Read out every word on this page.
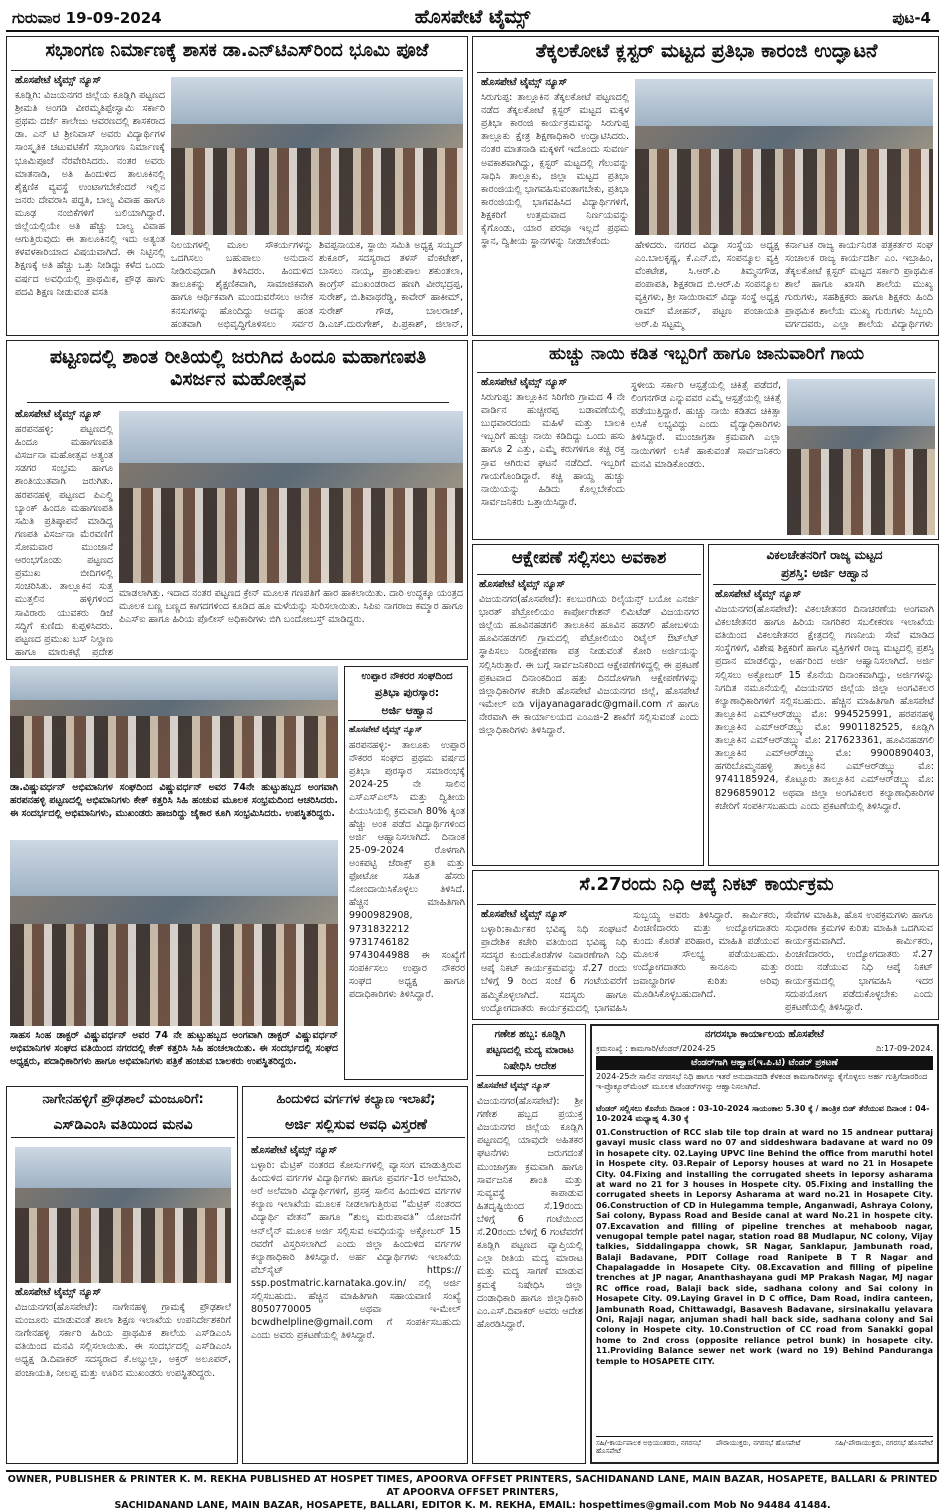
ಗುರುವಾರ 19-09-2024	ಹೊಸಪೇಟೆ ಟೈಮ್ಸ್	ಪುಟ-4
ಸಭಾಂಗಣ ನಿರ್ಮಾಣಕ್ಕೆ ಶಾಸಕ ಡಾ.ಎನ್‌ಟಿಎಸ್‌ರಿಂದ ಭೂಮಿ ಪೂಜೆ
ಹೊಸಪೇಟೆ ಟೈಮ್ಸ್ ನ್ಯೂಸ್
ಕೂಡ್ಲಿಗಿ: ವಿಜಯನಗರ ಜಿಲ್ಲೆಯ ಕೂಡ್ಲಿಗಿ ಪಟ್ಟಣದ ಶ್ರೀಮತಿ ಅಂಗಡಿ ವೀರಮ್ಮತಿಪ್ಪೇಸ್ವಾಮಿ ಸರ್ಕಾರಿ ಪ್ರಥಮ ದರ್ಜೆ ಕಾಲೇಜು ಆವರಣದಲ್ಲಿ ಶಾಸಕರಾದ ಡಾ. ಎನ್ ಟಿ ಶ್ರೀನಿವಾಸ್ ಅವರು ವಿದ್ಯಾರ್ಥಿಗಳ ಸಾಂಸ್ಕೃತಿಕ ಚಟುವಟಿಕೆಗೆ ಸಭಾಂಗಣ ನಿರ್ಮಾಣಕ್ಕೆ ಭೂಮಿಪೂಜೆ ನೆರವೇರಿಸಿದರು. ನಂತರ ಅವರು ಮಾತನಾಡಿ, ಅತಿ ಹಿಂದುಳಿದ ತಾಲೂಕಿನಲ್ಲಿ ಶೈಕ್ಷಣಿಕ ವ್ಯವಸ್ಥೆ ಉಂಟಾಗಬೇಕೆಂದರೆ ಇಲ್ಲಿನ ಜನರು ದೇವರಾಸಿ ಪದ್ಧತಿ, ಬಾಲ್ಯ ವಿವಾಹ ಹಾಗೂ ಮೂಢ ನಂಬಿಕೆಗಳಿಗೆ ಬಲಿಯಾಗಿದ್ದಾರೆ. ಜಿಲ್ಲೆಯಲ್ಲಿಯೇ ಅತಿ ಹೆಚ್ಚು ಬಾಲ್ಯ ವಿವಾಹ ಆಗುತ್ತಿರುವುದು ಈ ತಾಲೂಕಿನಲ್ಲಿ ಇದು ಅತ್ಯಂತ ಕಳವಳಕಾರಿಯಾದ ವಿಷಯವಾಗಿದೆ. ಈ ನಿಟ್ಟಿನಲ್ಲಿ ಶಿಕ್ಷಣಕ್ಕೆ ಅತಿ ಹೆಚ್ಚು ಒತ್ತು ನೀಡಿದ್ದು ಕಳೆದ ಒಂದು ವರ್ಷದ ಅವಧಿಯಲ್ಲಿ ಪ್ರಾಥಮಿಕ, ಪ್ರೌಢ ಹಾಗು ಪದವಿ ಶಿಕ್ಷಣ ನೀಡುವಂತ ವಸತಿ
ನಿಲಯಗಳಲ್ಲಿ ಮೂಲ ಸೌಕರ್ಯಗಳನ್ನು ಒದಗಿಸಲು ಬಹುಪಾಲು ಅನುದಾನ ನೀಡಿರುವುದಾಗಿ ತಿಳಿಸಿದರು. ಹಿಂದುಳಿದ ತಾಲೂಕನ್ನು ಶೈಕ್ಷಣಿಕವಾಗಿ, ಸಾಮಾಜಿಕವಾಗಿ ಹಾಗೂ ಆರ್ಥಿಕವಾಗಿ ಮುಂದುವರೆಸಲು ಅನೇಕ ಕನಸುಗಳನ್ನು ಹೊಂದಿದ್ದು ಅದನ್ನು ಹಂತ ಹಂತವಾಗಿ ಅಭಿವೃದ್ಧಿಗೊಳಿಸಲು ಸರ್ವರ
ಶಿವಪ್ಪನಾಯಕ, ಸ್ಥಾಯಿ ಸಮಿತಿ ಅಧ್ಯಕ್ಷ ಸಯ್ಯದ್ ಶುಕೂರ್, ಸದಸ್ಯರಾದ ತಳಸ್ ವೆಂಕಟೇಶ್, ಬಾಸಲು ನಾಯ್ಕ, ಪ್ರಾಂಶುಪಾಲ ಶಕುಂತಲಾ, ಕಾಂಗ್ರೆಸ್ ಮುಖಂಡರಾದ ಹಣಗಿ ವೀರಭದ್ರಪ್ಪ, ಸುರೇಶ್, ಬಿ.ಶಿವಾಥರೆಡ್ಡಿ, ಕಾವೇರ್ ಹಾಕೀಮ್, ಸುರೇಶ್ ಗೌಡ, ಬಾಲರಾಜ್, ಡಿ.ಎಚ್.ದುರುಗೇಶ್, ಪಿ.ಪ್ರಕಾಶ್, ಜಿಲಾನ್,
ತೆಕ್ಕಲಕೋಟೆ ಕ್ಲಸ್ಟರ್ ಮಟ್ಟದ ಪ್ರತಿಭಾ ಕಾರಂಜಿ ಉದ್ಘಾಟನೆ
ಹೊಸಪೇಟೆ ಟೈಮ್ಸ್ ನ್ಯೂಸ್
ಸಿರುಗುಪ್ಪ: ತಾಲ್ಲೂಕಿನ ತೆಕ್ಕಲಕೋಟೆ ಪಟ್ಟಣದಲ್ಲಿ ನಡೆದ ತೆಕ್ಕಲಕೋಟೆ ಕ್ಲಸ್ಟರ್ ಮಟ್ಟದ ಮಕ್ಕಳ ಪ್ರತಿಭಾ ಕಾರಂಜಿ ಕಾರ್ಯಕ್ರಮವನ್ನು ಸಿರುಗುಪ್ಪ ತಾಲ್ಲೂಕು ಕ್ಷೇತ್ರ ಶಿಕ್ಷಣಾಧಿಕಾರಿ ಉದ್ಘಾಟಿಸಿದರು. ನಂತರ ಮಾತನಾಡಿ ಮಕ್ಕಳಿಗೆ ಇದೊಂದು ಸುವರ್ಣ ಅವಕಾಶವಾಗಿದ್ದು, ಕ್ಲಸ್ಟರ್ ಮಟ್ಟದಲ್ಲಿ ಗೆಲುವನ್ನು ಸಾಧಿಸಿ ತಾಲ್ಲೂಕು, ಜಿಲ್ಲಾ ಮಟ್ಟದ ಪ್ರತಿಭಾ ಕಾರಂಜಿಯಲ್ಲಿ ಭಾಗವಹಿಸುವಂತಾಗಬೇಕು, ಪ್ರತಿಭಾ ಕಾರಂಜಿಯಲ್ಲಿ ಭಾಗವಹಿಸಿದ ವಿದ್ಯಾರ್ಥಿಗಳಿಗೆ, ಶಿಕ್ಷಕರಿಗೆ ಉತ್ತಮವಾದ ನಿರ್ಣಯವನ್ನು ಕೈಗೊಂಡು, ಯಾರ ಪರವೂ ಇಲ್ಲದೆ ಪ್ರಥಮ ಸ್ಥಾನ, ದ್ವಿತೀಯ ಸ್ಥಾನಗಳನ್ನು ನೀಡಬೇಕೆಂದು	ಹೇಳಿದರು. ನಗರದ ವಿದ್ಯಾ ಸಂಸ್ಥೆಯ ಅಧ್ಯಕ್ಷ ಎಂ.ಬಾಲಕೃಷ್ಣ, ಕೆ.ಎನ್.ಬಿ, ಸಂಪನ್ಮೂಲ ವ್ಯಕ್ತಿ ವೆಂಕಟೇಶ, ಸಿ.ಆರ್.ಪಿ ತಿಮ್ಮನಗೌಡ, ಪಂಪಾಪತಿ, ಶಿಕ್ಷಕರಾದ ಬಿ.ಆರ್.ಪಿ ಸಂಪನ್ಮೂಲ ವ್ಯಕ್ತಿಗಳು, ಶ್ರೀ ಸಾಯಿರಾಮ್ ವಿದ್ಯಾ ಸಂಸ್ಥೆ ಅಧ್ಯಕ್ಷ ರಾಮ್ ಮೋಹನ್, ಪಟ್ಟಣ ಪಂಚಾಯತಿ ಅರ್.ಪಿ ಸಟ್ಟಮ್ಮ
ಕರ್ನಾಟಕ ರಾಜ್ಯ ಕಾರ್ಯನಿರತ ಪತ್ರಕರ್ತರ ಸಂಘ ಸಂಚಾಲಕ ರಾಜ್ಯ ಕಾರ್ಯದರ್ಶಿ ಎಂ. ಇಬ್ರಾಹಿಂ, ತೆಕ್ಕಲಕೋಟೆ ಕ್ಲಸ್ಟರ್ ಮಟ್ಟದ ಸರ್ಕಾರಿ ಪ್ರಾಥಮಿಕ ಶಾಲೆ ಹಾಗೂ ಖಾಸಗಿ ಶಾಲೆಯ ಮುಖ್ಯ ಗುರುಗಳು, ಸಹಶಿಕ್ಷಕರು ಹಾಗೂ ಶಿಕ್ಷಕರು ಹಿಂದಿ ಪ್ರಾಥಮಿಕ ಶಾಲೆಯ ಮುಖ್ಯ ಗುರುಗಳು ಸಿಬ್ಬಂದಿ ವರ್ಗದವರು, ಎಲ್ಲಾ ಶಾಲೆಯ ವಿದ್ಯಾರ್ಥಿಗಳು
ಪಟ್ಟಣದಲ್ಲಿ ಶಾಂತ ರೀತಿಯಲ್ಲಿ ಜರುಗಿದ ಹಿಂದೂ ಮಹಾಗಣಪತಿ ವಿಸರ್ಜನ ಮಹೋತ್ಸವ
ಹೊಸಪೇಟೆ ಟೈಮ್ಸ್ ನ್ಯೂಸ್
ಹರಪನಹಳ್ಳಿ: ಪಟ್ಟಣದಲ್ಲಿ ಹಿಂದೂ ಮಹಾಗಣಪತಿ ವಿಸರ್ಜನಾ ಮಹೋತ್ಸವ ಅತ್ಯಂತ ಸಡಗರ ಸಂಭ್ರಮ ಹಾಗೂ ಶಾಂತಿಯುತವಾಗಿ ಜರುಗಿತು. ಹರಪನಹಳ್ಳಿ ಪಟ್ಟಣದ ಪಿಎಲ್ಡಿ ಬ್ಯಾಂಕ್ ಹಿಂದೂ ಮಹಾಗಣಪತಿ ಸಮಿತಿ ಪ್ರತಿಷ್ಠಾಪನೆ ಮಾಡಿದ್ದ ಗಣಪತಿ ವಿಸರ್ಜನಾ ಮೆರವಣಿಗೆ ಸೋಮವಾರ ಮುಂಜಾನೆ ಆರಂಭಗೊಂಡು ಪಟ್ಟಣದ ಪ್ರಮುಖ ಬೀದಿಗಳಲ್ಲಿ ಸಂಚರಿಸಿತು. ತಾಲ್ಲೂಕಿನ ಸುತ್ತ ಮುತ್ತಲಿನ ಹಳ್ಳಿಗಳಿಂದ ಸಾವಿರಾರು ಯುವಕರು ಡಿಜೆ ಸದ್ದಿಗೆ ಕುಣಿದು ಕುಪ್ಪಳಿಸಿದರು. ಪಟ್ಟಣದ ಪ್ರಮುಖ ಬಸ್ ನಿಲ್ದಾಣ ಹಾಗೂ ಮಾರುಕಟ್ಟೆ ಪ್ರದೇಶ
ಮಾಡಲಾಗಿತ್ತು. ಇದಾದ ನಂತರ ಪಟ್ಟಣದ ಕ್ರೇನ್ ಮೂಲಕ ಗಣಪತಿಗೆ ಹಾರ ಹಾಕಲಾಯಿತು. ದಾರಿ ಉದ್ದಕ್ಕೂ ಯಂತ್ರದ ಮೂಲಕ ಬಣ್ಣ ಬಣ್ಣದ ಕಾಗದಗಳಿಂದ ಕೂಡಿದ ಹೂ ಮಳೆಯನ್ನು ಸುರಿಸಲಾಯಿತು. ಸಿಪಿಐ ನಾಗರಾಜ ಕಮ್ಮಾರ ಹಾಗೂ ಪಿಎಸ್‌ಐ ಹಾಗೂ ಹಿರಿಯ ಪೊಲೀಸ್ ಅಧಿಕಾರಿಗಳು ಬಿಗಿ ಬಂದೋಬಸ್ತ್ ಮಾಡಿದ್ದರು.
ಹುಚ್ಚು ನಾಯಿ ಕಡಿತ ಇಬ್ಬರಿಗೆ ಹಾಗೂ ಜಾನುವಾರಿಗೆ ಗಾಯ
ಹೊಸಪೇಟೆ ಟೈಮ್ಸ್ ನ್ಯೂಸ್
ಸಿರುಗುಪ್ಪ: ತಾಲ್ಲೂಕಿನ ಸಿರಿಗೇರಿ ಗ್ರಾಮದ 4 ನೇ ವಾರ್ಡಿನ ಹುಚ್ಚೀರಪ್ಪ ಬಡಾವಣೆಯಲ್ಲಿ ಬುಧವಾರದಂದು ಮಹಿಳೆ ಮತ್ತು ಬಾಲಕಿ ಇಬ್ಬರಿಗೆ ಹುಚ್ಚು ನಾಯಿ ಕಡಿದಿದ್ದು ಒಂದು ಹಸು ಹಾಗೂ 2 ಎತ್ತು, ಎಮ್ಮೆ ಕರುಗಳಿಗೂ ಕಚ್ಚಿ ರಕ್ತ ಸ್ರಾವ ಆಗಿರುವ ಘಟನೆ ನಡೆದಿದೆ. ಇಬ್ಬರಿಗೆ ಗಾಯಗೊಂಡಿದ್ದಾರೆ. ಕಚ್ಚಿ ಹಾಯ್ದ ಹುಚ್ಚು ನಾಯಿಯನ್ನು ಹಿಡಿದು ಕೊಲ್ಲಬೇಕೆಂದು ಸಾರ್ವಜನಿಕರು ಒತ್ತಾಯಿಸಿದ್ದಾರೆ.
ಸ್ಥಳೀಯ ಸರ್ಕಾರಿ ಆಸ್ಪತ್ರೆಯಲ್ಲಿ ಚಿಕಿತ್ಸೆ ಪಡೆದರೆ, ಲಿಂಗನಗೌಡ ಎನ್ನುವವರ ಎಮ್ಮೆ ಆಸ್ಪತ್ರೆಯಲ್ಲಿ ಚಿಕಿತ್ಸೆ ಪಡೆಯುತ್ತಿದ್ದಾರೆ. ಹುಚ್ಚು ನಾಯಿ ಕಡಿತದ ಚಿಕಿತ್ಸಾ ಲಸಿಕೆ ಲಭ್ಯವಿದ್ದು ಎಂದು ವೈದ್ಯಾಧಿಕಾರಿಗಳು ತಿಳಿಸಿದ್ದಾರೆ. ಮುಂಜಾಗ್ರತಾ ಕ್ರಮವಾಗಿ ಎಲ್ಲಾ ನಾಯಿಗಳಿಗೆ ಲಸಿಕೆ ಹಾಕುವಂತೆ ಸಾರ್ವಜನಿಕರು ಮನವಿ ಮಾಡಿಕೊಂಡರು.
ಆಕ್ಷೇಪಣೆ ಸಲ್ಲಿಸಲು ಅವಕಾಶ
ಹೊಸಪೇಟೆ ಟೈಮ್ಸ್ ನ್ಯೂಸ್
ವಿಜಯನಗರ(ಹೊಸಪೇಟೆ): ಕಲಬುರಗಿಯ ರಿಲೈಯನ್ಸ್ ಬಯೋ ಎನರ್ಜಿ ಭಾರತ್ ಪೆಟ್ರೋಲಿಯಂ ಕಾರ್ಪೋರೇಶನ್ ಲಿಮಿಟೆಡ್ ವಿಜಯನಗರ ಜಿಲ್ಲೆಯ ಹೂವಿನಹಡಗಲಿ ತಾಲೂಕಿನ ಹೂವಿನ ಹಡಗಲಿ ಹೋಬಳಿಯ ಹೂವಿನಹಡಗಲಿ ಗ್ರಾಮದಲ್ಲಿ ಪೆಟ್ರೋಲಿಯಂ ರಿಟೈಲ್ ಔಟ್‌ಲೆಟ್ ಸ್ಥಾಪಿಸಲು ನಿರಾಕ್ಷೇಪಣಾ ಪತ್ರ ನೀಡುವಂತೆ ಕೋರಿ ಅರ್ಜಿಯನ್ನು ಸಲ್ಲಿಸಿರುತ್ತಾರೆ. ಈ ಬಗ್ಗೆ ಸಾರ್ವಜನಿಕರಿಂದ ಆಕ್ಷೇಪಣೆಗಳಿದ್ದಲ್ಲಿ ಈ ಪ್ರಕಟಣೆ ಪ್ರಕಟವಾದ ದಿನಾಂಕದಿಂದ ಹತ್ತು ದಿನದೊಳಗಾಗಿ ಆಕ್ಷೇಪಣೆಗಳನ್ನು ಜಿಲ್ಲಾಧಿಕಾರಿಗಳ ಕಚೇರಿ ಹೊಸಪೇಟೆ ವಿಜಯನಗರ ಜಿಲ್ಲೆ, ಹೊಸಪೇಟೆ ಇಮೇಲ್ ಐಡಿ vijayanagaradc@gmail.com ಗೆ ಹಾಗೂ ನೇರವಾಗಿ ಈ ಕಾರ್ಯಾಲಯದ ಎಂಎಜಿ-2 ಶಾಖೆಗೆ ಸಲ್ಲಿಸುವಂತೆ ಎಂದು ಜಿಲ್ಲಾಧಿಕಾರಿಗಳು ತಿಳಿಸಿದ್ದಾರೆ.
ವಿಕಲಚೇತನರಿಗೆ ರಾಜ್ಯ ಮಟ್ಟದ
ಪ್ರಶಸ್ತಿ: ಅರ್ಜಿ ಆಹ್ವಾನ
ಹೊಸಪೇಟೆ ಟೈಮ್ಸ್ ನ್ಯೂಸ್
ವಿಜಯನಗರ(ಹೊಸಪೇಟೆ): ವಿಕಲಚೇತನರ ದಿನಾಚರಣೆಯ ಅಂಗವಾಗಿ ವಿಕಲಚೇತನರ ಹಾಗೂ ಹಿರಿಯ ನಾಗರಿಕರ ಸಬಲೀಕರಣ ಇಲಾಖೆಯ ವತಿಯಿಂದ ವಿಕಲಚೇತನರ ಕ್ಷೇತ್ರದಲ್ಲಿ ಗಣನೀಯ ಸೇವೆ ಮಾಡಿದ ಸಂಸ್ಥೆಗಳಿಗೆ, ವಿಶೇಷ ಶಿಕ್ಷಕರಿಗೆ ಹಾಗೂ ವ್ಯಕ್ತಿಗಳಿಗೆ ರಾಜ್ಯ ಮಟ್ಟದಲ್ಲಿ ಪ್ರಶಸ್ತಿ ಪ್ರದಾನ ಮಾಡಲಿದ್ದು, ಅರ್ಹರಿಂದ ಅರ್ಜಿ ಆಹ್ವಾನಿಸಲಾಗಿದೆ. ಅರ್ಜಿ ಸಲ್ಲಿಸಲು ಅಕ್ಟೋಬರ್ 15 ಕೊನೆಯ ದಿನಾಂಕವಾಗಿದ್ದು, ಅರ್ಜಿಗಳನ್ನು ನಿಗದಿತ ನಮೂನೆಯಲ್ಲಿ ವಿಜಯನಗರ ಜಿಲ್ಲೆಯ ಜಿಲ್ಲಾ ಅಂಗವಿಕಲರ ಕಲ್ಯಾಣಾಧಿಕಾರಿಗಳಿಗೆ ಸಲ್ಲಿಸಬಹುದು. ಹೆಚ್ಚಿನ ಮಾಹಿತಿಗಾಗಿ ಹೊಸಪೇಟೆ ತಾಲ್ಲೂಕಿನ ಎಮ್‌ಆರ್‌ಡಬ್ಲ್ಯು ಮೊ: 994525991, ಹರಪನಹಳ್ಳಿ ತಾಲ್ಲೂಕಿನ ಎಮ್‌ಆರ್‌ಡಬ್ಲ್ಯು ಮೊ: 9901182525, ಕೂಡ್ಲಿಗಿ ತಾಲ್ಲೂಕಿನ ಎಮ್‌ಆರ್‌ಡಬ್ಲ್ಯು ಮೊ: 217623361, ಹೂವಿನಹಡಗಲಿ ತಾಲ್ಲೂಕಿನ ಎಮ್‌ಆರ್‌ಡಬ್ಲ್ಯು ಮೊ: 9900890403, ಹಗರಿಬೊಮ್ಮನಹಳ್ಳಿ ತಾಲ್ಲೂಕಿನ ಎಮ್‌ಆರ್‌ಡಬ್ಲ್ಯು ಮೊ: 9741185924, ಕೊಟ್ಟೂರು ತಾಲ್ಲೂಕಿನ ಎಮ್‌ಆರ್‌ಡಬ್ಲ್ಯು ಮೊ: 8296859012 ಅಥವಾ ಜಿಲ್ಲಾ ಅಂಗವಿಕಲರ ಕಲ್ಯಾಣಾಧಿಕಾರಿಗಳ ಕಚೇರಿಗೆ ಸಂಪರ್ಕಿಸಬಹುದು ಎಂದು ಪ್ರಕಟಣೆಯಲ್ಲಿ ತಿಳಿಸಿದ್ದಾರೆ.
ಡಾ.ವಿಷ್ಣುವರ್ಧನ್ ಅಭಿಮಾನಿಗಳ ಸಂಘದಿಂದ ವಿಷ್ಣುವರ್ಧನ್ ಅವರ 74ನೇ ಹುಟ್ಟುಹಬ್ಬದ ಅಂಗವಾಗಿ ಹರಪನಹಳ್ಳಿ ಪಟ್ಟಣದಲ್ಲಿ ಅಭಿಮಾನಿಗಳು ಕೇಕ್ ಕತ್ತರಿಸಿ ಸಿಹಿ ಹಂಚುವ ಮೂಲಕ ಸಂಭ್ರಮದಿಂದ ಆಚರಿಸಿದರು. ಈ ಸಂದರ್ಭದಲ್ಲಿ ಅಭಿಮಾನಿಗಳು, ಮುಖಂಡರು ಹಾಜರಿದ್ದು ಜೈಕಾರ ಕೂಗಿ ಸಂಭ್ರಮಿಸಿದರು. ಉಪಸ್ಥಿತರಿದ್ದರು.
ಉಪ್ಪಾರ ನೌಕರರ ಸಂಘದಿಂದ
ಪ್ರತಿಭಾ ಪುರಸ್ಕಾರ:
ಅರ್ಜಿ ಆಹ್ವಾನ
ಹೊಸಪೇಟೆ ಟೈಮ್ಸ್ ನ್ಯೂಸ್
ಹರಪನಹಳ್ಳಿ:- ತಾಲೂಕು ಉಪ್ಪಾರ ನೌಕರರ ಸಂಘದ ಪ್ರಥಮ ವರ್ಷದ ಪ್ರತಿಭಾ ಪುರಸ್ಕಾರ ಸಮಾರಂಭಕ್ಕೆ 2024-25 ನೇ ಸಾಲಿನ ಎಸ್‌ಎಸ್‌ಎಲ್‌ಸಿ ಮತ್ತು ದ್ವಿತೀಯ ಪಿಯುಸಿಯಲ್ಲಿ ಕ್ರಮವಾಗಿ 80% ಕ್ಕಿಂತ ಹೆಚ್ಚು ಅಂಕ ಪಡೆದ ವಿದ್ಯಾರ್ಥಿಗಳಿಂದ ಅರ್ಜಿ ಆಹ್ವಾನಿಸಲಾಗಿದೆ. ದಿನಾಂಕ 25-09-2024 ರೊಳಗಾಗಿ ಅಂಕಪಟ್ಟಿ ಜೆರಾಕ್ಸ್ ಪ್ರತಿ ಮತ್ತು ಫೋಟೋ ಸಹಿತ ಹೆಸರು ನೋಂದಾಯಿಸಿಕೊಳ್ಳಲು ತಿಳಿಸಿದೆ. ಹೆಚ್ಚಿನ ಮಾಹಿತಿಗಾಗಿ 9900982908, 9731832212 9731746182 9743044988 ಈ ಸಂಖ್ಯೆಗೆ ಸಂಪರ್ಕಿಸಲು ಉಪ್ಪಾರ ನೌಕರರ ಸಂಘದ ಅಧ್ಯಕ್ಷ ಹಾಗೂ ಪದಾಧಿಕಾರಿಗಳು ತಿಳಿಸಿದ್ದಾರೆ.
ಸಾಹಸ ಸಿಂಹ ಡಾಕ್ಟರ್ ವಿಷ್ಣುವರ್ಧನ್ ಅವರ 74 ನೇ ಹುಟ್ಟುಹಬ್ಬದ ಅಂಗವಾಗಿ ಡಾಕ್ಟರ್ ವಿಷ್ಣುವರ್ಧನ್ ಅಭಿಮಾನಿಗಳ ಸಂಘದ ವತಿಯಿಂದ ನಗರದಲ್ಲಿ ಕೇಕ್ ಕತ್ತರಿಸಿ ಸಿಹಿ ಹಂಚಲಾಯಿತು. ಈ ಸಂದರ್ಭದಲ್ಲಿ ಸಂಘದ ಅಧ್ಯಕ್ಷರು, ಪದಾಧಿಕಾರಿಗಳು ಹಾಗೂ ಅಭಿಮಾನಿಗಳು ಪತ್ರಿಕೆ ಹಂಚುವ ಬಾಲಕರು ಉಪಸ್ಥಿತರಿದ್ದರು.
ಸೆ.27ರಂದು ನಿಧಿ ಆಪ್ಕೆ ನಿಕಟ್ ಕಾರ್ಯಕ್ರಮ
ಹೊಸಪೇಟೆ ಟೈಮ್ಸ್ ನ್ಯೂಸ್
ಬಳ್ಳಾರಿ:ಕಾರ್ಮಿಕರ ಭವಿಷ್ಯ ನಿಧಿ ಸಂಘಟನೆ ಪ್ರಾದೇಶಿಕ ಕಚೇರಿ ವತಿಯಿಂದ ಭವಿಷ್ಯ ನಿಧಿ ಸದಸ್ಯರ ಕುಂದುಕೊರತೆಗಳ ನಿವಾರಣೆಗಾಗಿ ನಿಧಿ ಆಪ್ಕೆ ನಿಕಟ್ ಕಾರ್ಯಕ್ರಮವನ್ನು ಸೆ.27 ರಂದು ಬೆಳಿಗ್ಗೆ 9 ರಿಂದ ಸಂಜೆ 6 ಗಂಟೆಯವರೆಗೆ ಹಮ್ಮಿಕೊಳ್ಳಲಾಗಿದೆ. ಸದಸ್ಯರು ಹಾಗೂ ಉದ್ಯೋಗದಾತರು ಕಾರ್ಯಕ್ರಮದಲ್ಲಿ ಭಾಗವಹಿಸಿ
ಸುಬ್ಬಯ್ಯ ಅವರು ತಿಳಿಸಿದ್ದಾರೆ. ಕಾರ್ಮಿಕರು, ಪಿಂಚಣಿದಾರರು ಮತ್ತು ಉದ್ಯೋಗದಾತರು ಕುಂದು ಕೊರತೆ ಪರಿಹಾರ, ಮಾಹಿತಿ ಪಡೆಯುವ ಮೂಲಕ ಸೌಲಭ್ಯ ಪಡೆಯಬಹುದು. ಉದ್ಯೋಗದಾತರು ಕಾನೂನು ಮತ್ತು ಜವಾಬ್ದಾರಿಗಳ ಕುರಿತು ಅರಿವು ಮೂಡಿಸಿಕೊಳ್ಳಬಹುದಾಗಿದೆ.
ಸೇವೆಗಳ ಮಾಹಿತಿ, ಹೊಸ ಉಪಕ್ರಮಗಳು ಹಾಗೂ ಸುಧಾರಣಾ ಕ್ರಮಗಳ ಕುರಿತು ಮಾಹಿತಿ ಒದಗಿಸುವ ಕಾರ್ಯಕ್ರಮವಾಗಿದೆ. ಕಾರ್ಮಿಕರು, ಪಿಂಚಣಿದಾರರು, ಉದ್ಯೋಗದಾತರು ಸೆ.27 ರಂದು ನಡೆಯುವ ನಿಧಿ ಆಪ್ಕೆ ನಿಕಟ್ ಕಾರ್ಯಕ್ರಮದಲ್ಲಿ ಭಾಗವಹಿಸಿ ಇದರ ಸದುಪಯೋಗ ಪಡೆದುಕೊಳ್ಳಬೇಕು ಎಂದು ಪ್ರಕಟಣೆಯಲ್ಲಿ ತಿಳಿಸಿದ್ದಾರೆ.
ಗಣೇಶ ಹಬ್ಬ: ಕೂಡ್ಲಿಗಿ
ಪಟ್ಟಣದಲ್ಲಿ ಮದ್ಯ ಮಾರಾಟ
ನಿಷೇಧಿಸಿ ಆದೇಶ
ಹೊಸಪೇಟೆ ಟೈಮ್ಸ್ ನ್ಯೂಸ್
ವಿಜಯನಗರ(ಹೊಸಪೇಟೆ): ಶ್ರೀ ಗಣೇಶ ಹಬ್ಬದ ಪ್ರಯುಕ್ತ ವಿಜಯನಗರ ಜಿಲ್ಲೆಯ ಕೂಡ್ಲಿಗಿ ಪಟ್ಟಣದಲ್ಲಿ ಯಾವುದೇ ಅಹಿತಕರ ಘಟನೆಗಳು ಜರುಗದಂತೆ ಮುಂಜಾಗ್ರತಾ ಕ್ರಮವಾಗಿ ಹಾಗೂ ಸಾರ್ವಜನಿಕ ಶಾಂತಿ ಮತ್ತು ಸುವ್ಯವಸ್ಥೆ ಕಾಪಾಡುವ ಹಿತದೃಷ್ಟಿಯಿಂದ ಸೆ.19ರಂದು ಬೆಳಿಗ್ಗೆ 6 ಗಂಟೆಯಿಂದ ಸೆ.20ರಂದು ಬೆಳಿಗ್ಗೆ 6 ಗಂಟೆವರೆಗೆ ಕೂಡ್ಲಿಗಿ ಪಟ್ಟಣದ ವ್ಯಾಪ್ತಿಯಲ್ಲಿ ಎಲ್ಲಾ ರೀತಿಯ ಮದ್ಯ ಮಾರಾಟ ಮತ್ತು ಮದ್ಯ ಸಾಗಣೆ ಮಾಡುವ ಕ್ರಮಕ್ಕೆ ನಿಷೇಧಿಸಿ ಜಿಲ್ಲಾ ದಂಡಾಧಿಕಾರಿ ಹಾಗೂ ಜಿಲ್ಲಾಧಿಕಾರಿ ಎಂ.ಎಸ್.ದಿವಾಕರ್ ಅವರು ಆದೇಶ ಹೊರಡಿಸಿದ್ದಾರೆ.
ನಾಗೇನಹಳ್ಳಿಗೆ ಪ್ರೌಢಶಾಲೆ ಮಂಜೂರಿಗೆ:
ಎಸ್‌ಡಿಎಂಸಿ ವತಿಯಿಂದ ಮನವಿ
ಹೊಸಪೇಟೆ ಟೈಮ್ಸ್ ನ್ಯೂಸ್
ವಿಜಯನಗರ(ಹೊಸಪೇಟೆ): ನಾಗೇನಹಳ್ಳಿ ಗ್ರಾಮಕ್ಕೆ ಪ್ರೌಢಶಾಲೆ ಮಂಜೂರು ಮಾಡುವಂತೆ ಶಾಲಾ ಶಿಕ್ಷಣ ಇಲಾಖೆಯ ಉಪನಿರ್ದೇಶಕರಿಗೆ ನಾಗೇನಹಳ್ಳಿ ಸರ್ಕಾರಿ ಹಿರಿಯ ಪ್ರಾಥಮಿಕ ಶಾಲೆಯ ಎಸ್‌ಡಿಎಂಸಿ ವತಿಯಿಂದ ಮನವಿ ಸಲ್ಲಿಸಲಾಯಿತು. ಈ ಸಂದರ್ಭದಲ್ಲಿ ಎಸ್‌ಡಿಎಂಸಿ ಅಧ್ಯಕ್ಷ ಡಿ.ದಿವಾಕರ್ ಸದಸ್ಯರಾದ ಕೆ.ಅಬ್ದುಲ್ಲಾ, ಅಕ್ತರ್ ಅಲೂಪರ್, ಪಂಚಾಯತಿ, ನೀಲಪ್ಪ ಮತ್ತು ಊರಿನ ಮುಖಂಡರು ಉಪಸ್ಥಿತರಿದ್ದರು.
ಹಿಂದುಳಿದ ವರ್ಗಗಳ ಕಲ್ಯಾಣ ಇಲಾಖೆ;
ಅರ್ಜಿ ಸಲ್ಲಿಸುವ ಅವಧಿ ವಿಸ್ತರಣೆ
ಹೊಸಪೇಟೆ ಟೈಮ್ಸ್ ನ್ಯೂಸ್
ಬಳ್ಳಾರಿ: ಮೆಟ್ರಿಕ್ ನಂತರದ ಕೋರ್ಸುಗಳಲ್ಲಿ ವ್ಯಾಸಂಗ ಮಾಡುತ್ತಿರುವ ಹಿಂದುಳಿದ ವರ್ಗಗಳ ವಿದ್ಯಾರ್ಥಿಗಳು ಹಾಗೂ ಪ್ರವರ್ಗ-1ರ ಅಲೆಮಾರಿ, ಅರೆ ಅಲೆಮಾರಿ ವಿದ್ಯಾರ್ಥಿಗಳಿಗೆ, ಪ್ರಸಕ್ತ ಸಾಲಿನ ಹಿಂದುಳಿದ ವರ್ಗಗಳ ಕಲ್ಯಾಣ ಇಲಾಖೆಯ ಮೂಲಕ ನೀಡಲಾಗುತ್ತಿರುವ “ಮೆಟ್ರಿಕ್ ನಂತರದ ವಿದ್ಯಾರ್ಥಿ ವೇತನ” ಹಾಗೂ “ಶುಲ್ಕ ಮರುಪಾವತಿ” ಯೋಜನೆಗೆ ಆನ್‌ಲೈನ್ ಮೂಲಕ ಅರ್ಜಿ ಸಲ್ಲಿಸುವ ಅವಧಿಯನ್ನು ಅಕ್ಟೋಬರ್ 15 ರವರೆಗೆ ವಿಸ್ತರಿಸಲಾಗಿದೆ ಎಂದು ಜಿಲ್ಲಾ ಹಿಂದುಳಿದ ವರ್ಗಗಳ ಕಲ್ಯಾಣಾಧಿಕಾರಿ ತಿಳಿಸಿದ್ದಾರೆ. ಅರ್ಹ ವಿದ್ಯಾರ್ಥಿಗಳು ಇಲಾಖೆಯ ವೆಬ್‌ಸೈಟ್ https:// ssp.postmatric.karnataka.gov.in/ ನಲ್ಲಿ ಅರ್ಜಿ ಸಲ್ಲಿಸಬಹುದು. ಹೆಚ್ಚಿನ ಮಾಹಿತಿಗಾಗಿ ಸಹಾಯವಾಣಿ ಸಂಖ್ಯೆ 8050770005 ಅಥವಾ ಇ-ಮೇಲ್ bcwdhelpline@gmail.com ಗೆ ಸಂಪರ್ಕಿಸಬಹುದು ಎಂದು ಅವರು ಪ್ರಕಟಣೆಯಲ್ಲಿ ತಿಳಿಸಿದ್ದಾರೆ.
ನಗರಸಭಾ ಕಾರ್ಯಾಲಯ ಹೊಸಪೇಟೆ
ಕ್ರಮಸಂಖ್ಯೆ : ಕಾಮಗಾರಿ/ಟೆಂಡರ್/2024-25	ದಿ:17-09-2024.
ಟೆಂಡರ್‌ಗಾಗಿ ಆಹ್ವಾನ(ಇ.ಪಿ.ಟಿ) ಟೆಂಡರ್ ಪ್ರಕಟಣೆ
2024-25ನೇ ಸಾಲಿನ ನಗರಸಭೆ ನಿಧಿ ಹಾಗೂ ಇತರೆ ಅನುದಾನದಡಿ ಕೆಳಕಂಡ ಕಾಮಗಾರಿಗಳನ್ನು ಕೈಗೊಳ್ಳಲು ಅರ್ಹ ಗುತ್ತಿಗೆದಾರರಿಂದ ಇ-ಪ್ರೊಕ್ಯೂರ್‌ಮೆಂಟ್ ಮೂಲಕ ಟೆಂಡರ್‌ಗಳನ್ನು ಆಹ್ವಾನಿಸಲಾಗಿದೆ.
ಟೆಂಡರ್ ಸಲ್ಲಿಸಲು ಕೊನೆಯ ದಿನಾಂಕ : 03-10-2024 ಸಾಯಂಕಾಲ 5.30 ಕ್ಕೆ / ತಾಂತ್ರಿಕ ಬಿಡ್ ತೆರೆಯುವ ದಿನಾಂಕ : 04-10-2024 ಮಧ್ಯಾಹ್ನ 4.30 ಕ್ಕೆ
01.Construction of RCC slab tile top drain at ward no 15 andnear puttaraj gavayi music class ward no 07 and siddeshwara badavane at ward no 09 in hosapete city. 02.Laying UPVC line Behind the office from maruthi hotel in Hospete city. 03.Repair of Leporsy houses at ward no 21 in Hosapete City. 04.Fixing and installing the corrugated sheets in leporsy asharama at ward no 21 for 3 houses in Hospete city. 05.Fixing and installing the corrugated sheets in Leporsy Asharama at ward no.21 in Hosapete City. 06.Construction of CD in Hulegamma temple, Anganwadi, Ashraya Colony, Sai colony, Bypass Road and Beside canal at ward No.21 in hospete city. 07.Excavation and filling of pipeline trenches at mehaboob nagar, venugopal temple patel nagar, station road 88 Mudlapur, NC colony, Vijay talkies, Siddalingappa chowk, SR Nagar, Sanklapur, Jambunath road, Balaji Badavane, PDIT Collage road Ranipete B T R Nagar and Chapalagadde in Hosapete City. 08.Excavation and filling of pipeline trenches at JP nagar, Ananthashayana gudi MP Prakash Nagar, MJ nagar RC office road, Balaji back side, sadhana colony and Sai colony in Hosapete City. 09.Laying Gravel in D C office, Dam Road, indira canteen, Jambunath Road, Chittawadgi, Basavesh Badavane, sirsinakallu yelavara Oni, Rajaji nagar, anjuman shadi hall back side, sadhana colony and Sai colony in Hospete city. 10.Construction of CC road from Sanakki gopal home to 2nd cross (opposite reliance petrol bunk) in hosapete city. 11.Providing Balance sewer net work (ward no 19) Behind Panduranga temple to HOSAPETE CITY.
ಸಹಿ/-ಕಾರ್ಯಪಾಲಕ ಅಭಿಯಂತರರು, ನಗರಸಭೆ ಹೊಸಪೇಟೆ
ಪೌರಾಯುಕ್ತರು, ನಗರಸಭೆ ಹೊಸಪೇಟೆ	ಸಹಿ/-ಪೌರಾಯುಕ್ತರು, ನಗರಸಭೆ ಹೊಸಪೇಟೆ
OWNER, PUBLISHER & PRINTER K. M. REKHA PUBLISHED AT HOSPET TIMES, APOORVA OFFSET PRINTERS, SACHIDANAND LANE, MAIN BAZAR, HOSAPETE, BALLARI & PRINTED AT APOORVA OFFSET PRINTERS,
SACHIDANAND LANE, MAIN BAZAR, HOSAPETE, BALLARI, EDITOR K. M. REKHA, EMAIL: hospettimes@gmail.com Mob No 94484 41484.
